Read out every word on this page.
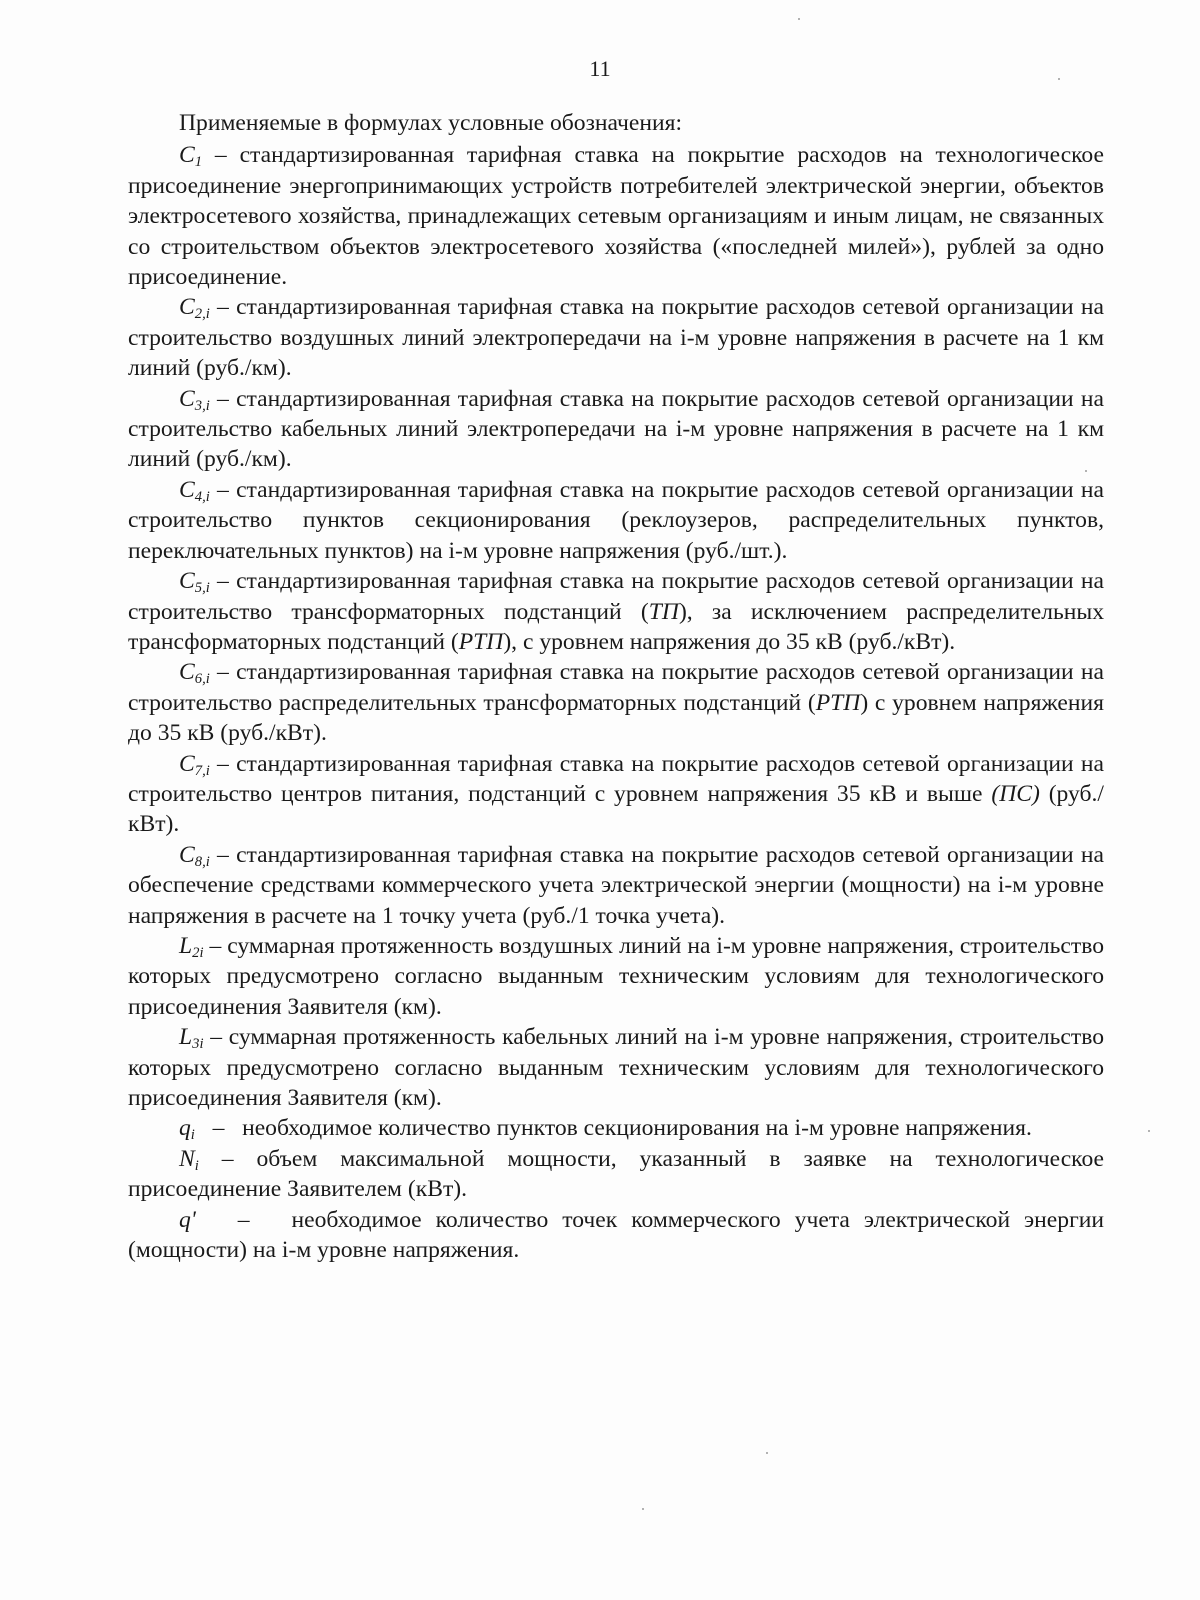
11

Применяемые в формулах условные обозначения:

$C_1$ – стандартизированная тарифная ставка на покрытие расходов на технологическое присоединение энергопринимающих устройств потребителей электрической энергии, объектов электросетевого хозяйства, принадлежащих сетевым организациям и иным лицам, не связанных со строительством объектов электросетевого хозяйства («последней милей»), рублей за одно присоединение.

$C_{2,i}$ – стандартизированная тарифная ставка на покрытие расходов сетевой организации на строительство воздушных линий электропередачи на i-м уровне напряжения в расчете на 1 км линий (руб./км).

$C_{3,i}$ – стандартизированная тарифная ставка на покрытие расходов сетевой организации на строительство кабельных линий электропередачи на i-м уровне напряжения в расчете на 1 км линий (руб./км).

$C_{4,i}$ – стандартизированная тарифная ставка на покрытие расходов сетевой организации на строительство пунктов секционирования (реклоузеров, распределительных пунктов, переключательных пунктов) на i-м уровне напряжения (руб./шт.).

$C_{5,i}$ – стандартизированная тарифная ставка на покрытие расходов сетевой организации на строительство трансформаторных подстанций (ТП), за исключением распределительных трансформаторных подстанций (РТП), с уровнем напряжения до 35 кВ (руб./кВт).

$C_{6,i}$ – стандартизированная тарифная ставка на покрытие расходов сетевой организации на строительство распределительных трансформаторных подстанций (РТП) с уровнем напряжения до 35 кВ (руб./кВт).

$C_{7,i}$ – стандартизированная тарифная ставка на покрытие расходов сетевой организации на строительство центров питания, подстанций с уровнем напряжения 35 кВ и выше (ПС) (руб./кВт).

$C_{8,i}$ – стандартизированная тарифная ставка на покрытие расходов сетевой организации на обеспечение средствами коммерческого учета электрической энергии (мощности) на i-м уровне напряжения в расчете на 1 точку учета (руб./1 точка учета).

$L_{2i}$ – суммарная протяженность воздушных линий на i-м уровне напряжения, строительство которых предусмотрено согласно выданным техническим условиям для технологического присоединения Заявителя (км).

$L_{3i}$ – суммарная протяженность кабельных линий на i-м уровне напряжения, строительство которых предусмотрено согласно выданным техническим условиям для технологического присоединения Заявителя (км).

$q_i$   –   необходимое количество пунктов секционирования на i-м уровне напряжения.

$N_i$ – объем максимальной мощности, указанный в заявке на технологическое присоединение Заявителем (кВт).

q'   –   необходимое количество точек коммерческого учета электрической энергии (мощности) на i-м уровне напряжения.
